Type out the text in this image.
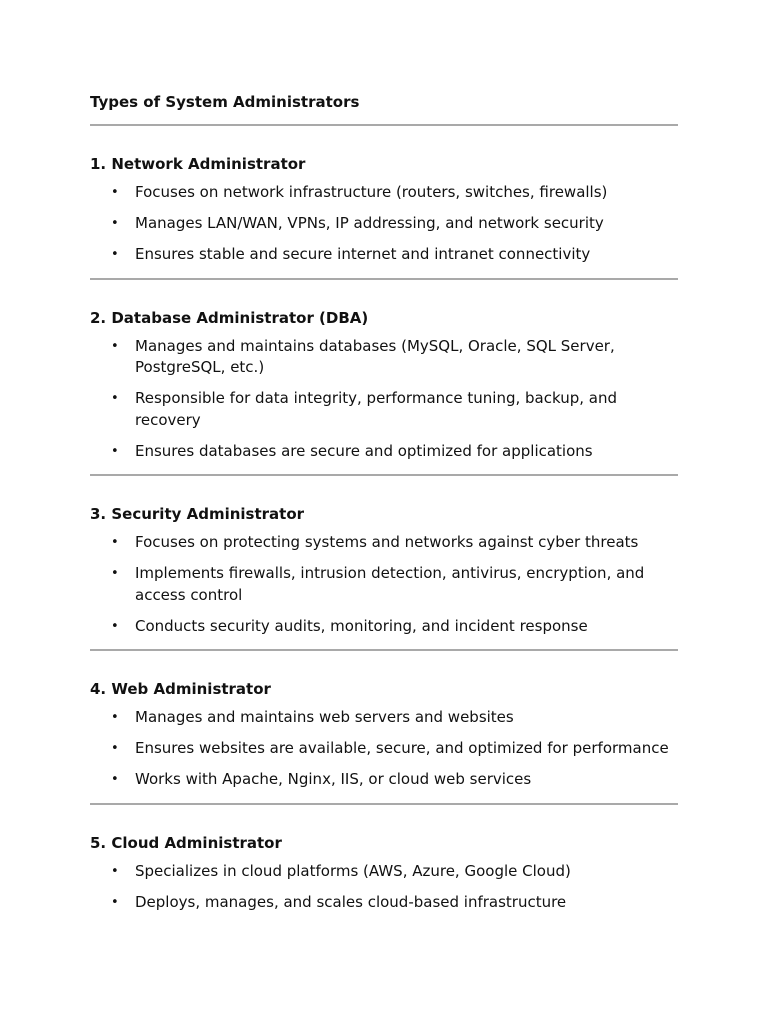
Types of System Administrators
1. Network Administrator
• Focuses on network infrastructure (routers, switches, firewalls)
• Manages LAN/WAN, VPNs, IP addressing, and network security
• Ensures stable and secure internet and intranet connectivity
2. Database Administrator (DBA)
• Manages and maintains databases (MySQL, Oracle, SQL Server, PostgreSQL, etc.)
• Responsible for data integrity, performance tuning, backup, and recovery
• Ensures databases are secure and optimized for applications
3. Security Administrator
• Focuses on protecting systems and networks against cyber threats
• Implements firewalls, intrusion detection, antivirus, encryption, and access control
• Conducts security audits, monitoring, and incident response
4. Web Administrator
• Manages and maintains web servers and websites
• Ensures websites are available, secure, and optimized for performance
• Works with Apache, Nginx, IIS, or cloud web services
5. Cloud Administrator
• Specializes in cloud platforms (AWS, Azure, Google Cloud)
• Deploys, manages, and scales cloud-based infrastructure
